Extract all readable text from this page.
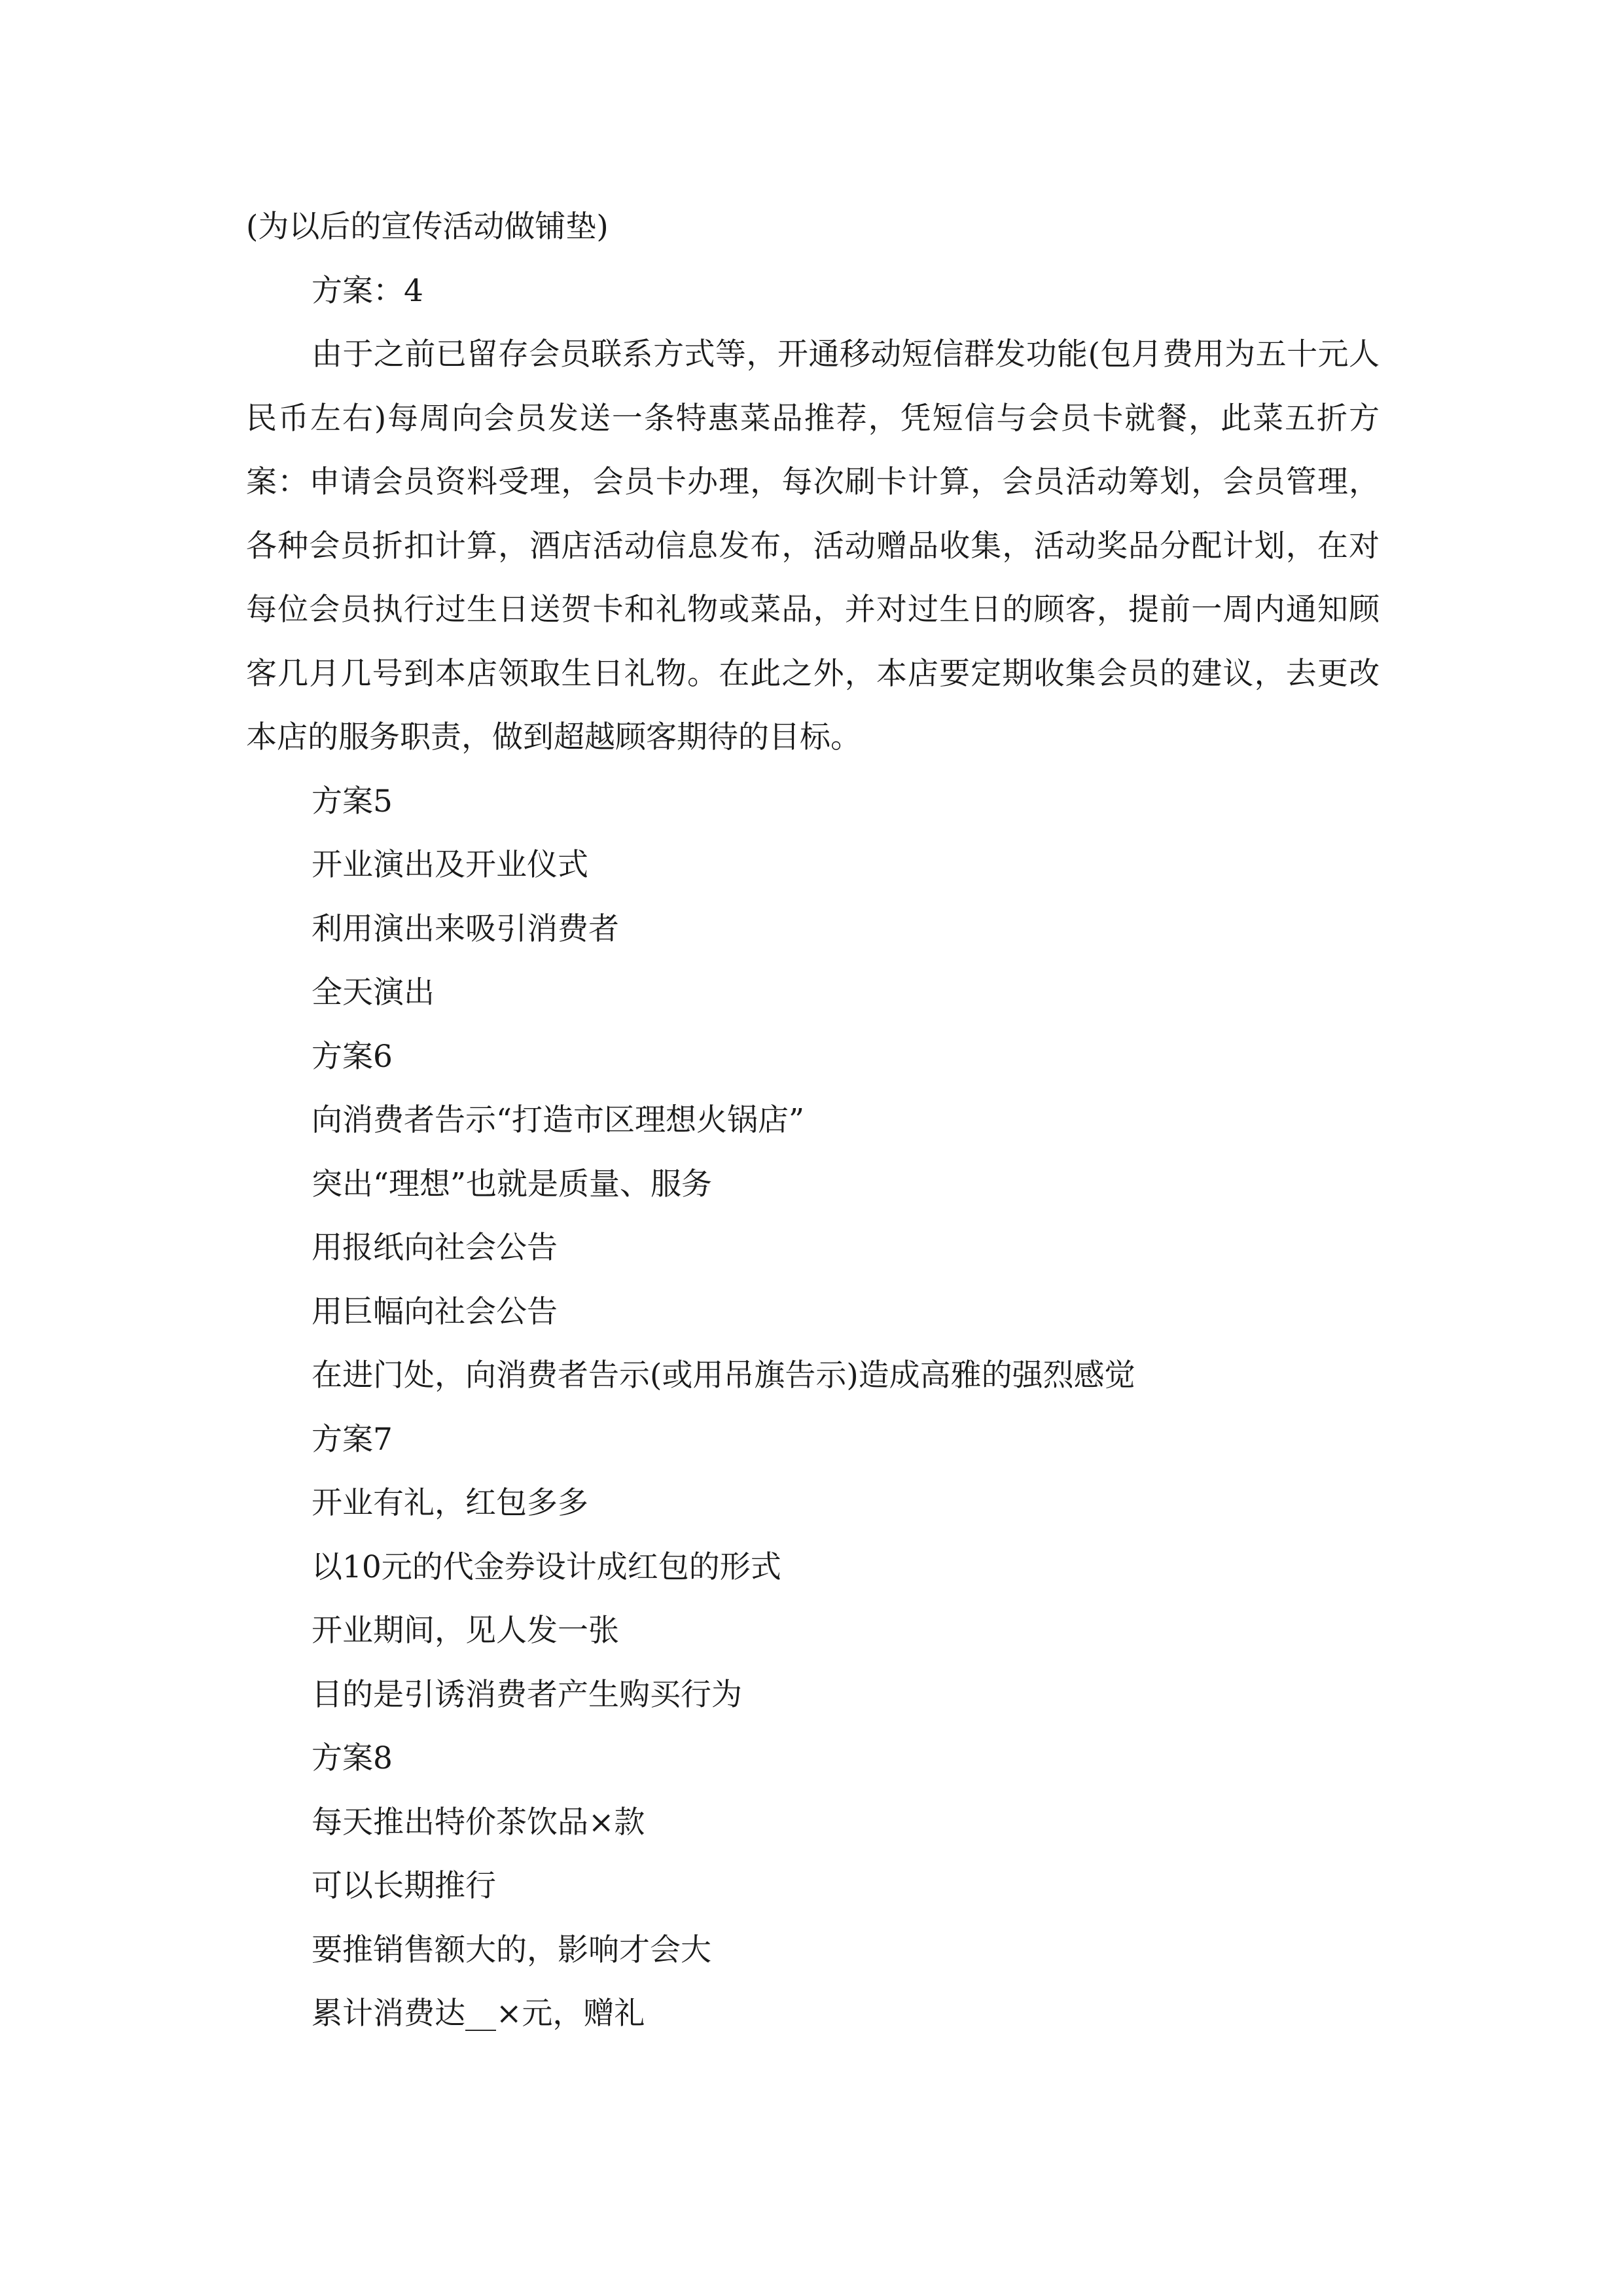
(为以后的宣传活动做铺垫)

方案：4

由于之前已留存会员联系方式等，开通移动短信群发功能(包月费用为五十元人民币左右)每周向会员发送一条特惠菜品推荐，凭短信与会员卡就餐，此菜五折方案：申请会员资料受理，会员卡办理，每次刷卡计算，会员活动筹划，会员管理，各种会员折扣计算，酒店活动信息发布，活动赠品收集，活动奖品分配计划，在对每位会员执行过生日送贺卡和礼物或菜品，并对过生日的顾客，提前一周内通知顾客几月几号到本店领取生日礼物。在此之外，本店要定期收集会员的建议，去更改本店的服务职责，做到超越顾客期待的目标。

方案5

开业演出及开业仪式

利用演出来吸引消费者

全天演出

方案6

向消费者告示“打造市区理想火锅店”

突出“理想”也就是质量、服务

用报纸向社会公告

用巨幅向社会公告

在进门处，向消费者告示(或用吊旗告示)造成高雅的强烈感觉

方案7

开业有礼，红包多多

以10元的代金券设计成红包的形式

开业期间，见人发一张

目的是引诱消费者产生购买行为

方案8

每天推出特价茶饮品×款

可以长期推行

要推销售额大的，影响才会大

累计消费达__×元，赠礼
